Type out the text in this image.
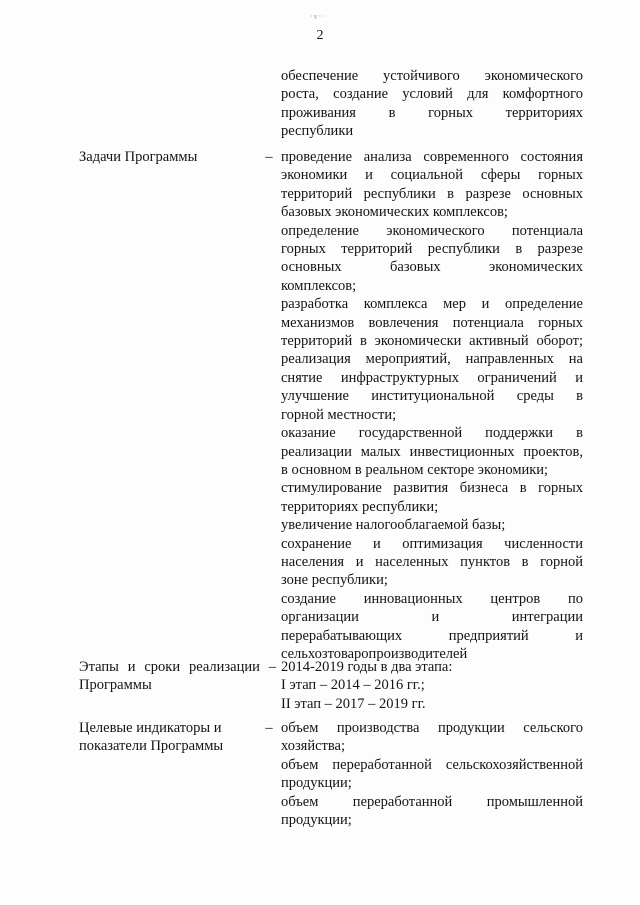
·v··
2

обеспечение устойчивого экономического

роста, создание условий для комфортного

проживания в горных территориях

республики

Задачи Программы	– проведение анализа современного состояния

экономики и социальной сферы горных

территорий республики в разрезе основных

базовых экономических комплексов;

определение экономического потенциала

горных территорий республики в разрезе

основных базовых экономических

комплексов;

разработка комплекса мер и определение

механизмов вовлечения потенциала горных

территорий в экономически активный оборот;

реализация мероприятий, направленных на

снятие инфраструктурных ограничений и

улучшение институциональной среды в

горной местности;

оказание государственной поддержки в

реализации малых инвестиционных проектов,

в основном в реальном секторе экономики;

стимулирование развития бизнеса в горных

территориях республики;

увеличение налогооблагаемой базы;

сохранение и оптимизация численности

населения и населенных пунктов в горной

зоне республики;

создание инновационных центров по

организации и интеграции

перерабатывающих предприятий и

сельхозтоваропроизводителей

Этапы и сроки реализации –
Программы

2014-2019 годы в два этапа:

I этап – 2014 – 2016 гг.;

II этап – 2017 – 2019 гг.

Целевые индикаторы и
показатели Программы
– объем производства продукции сельского

хозяйства;

объем переработанной сельскохозяйственной

продукции;

объем переработанной промышленной

продукции;
